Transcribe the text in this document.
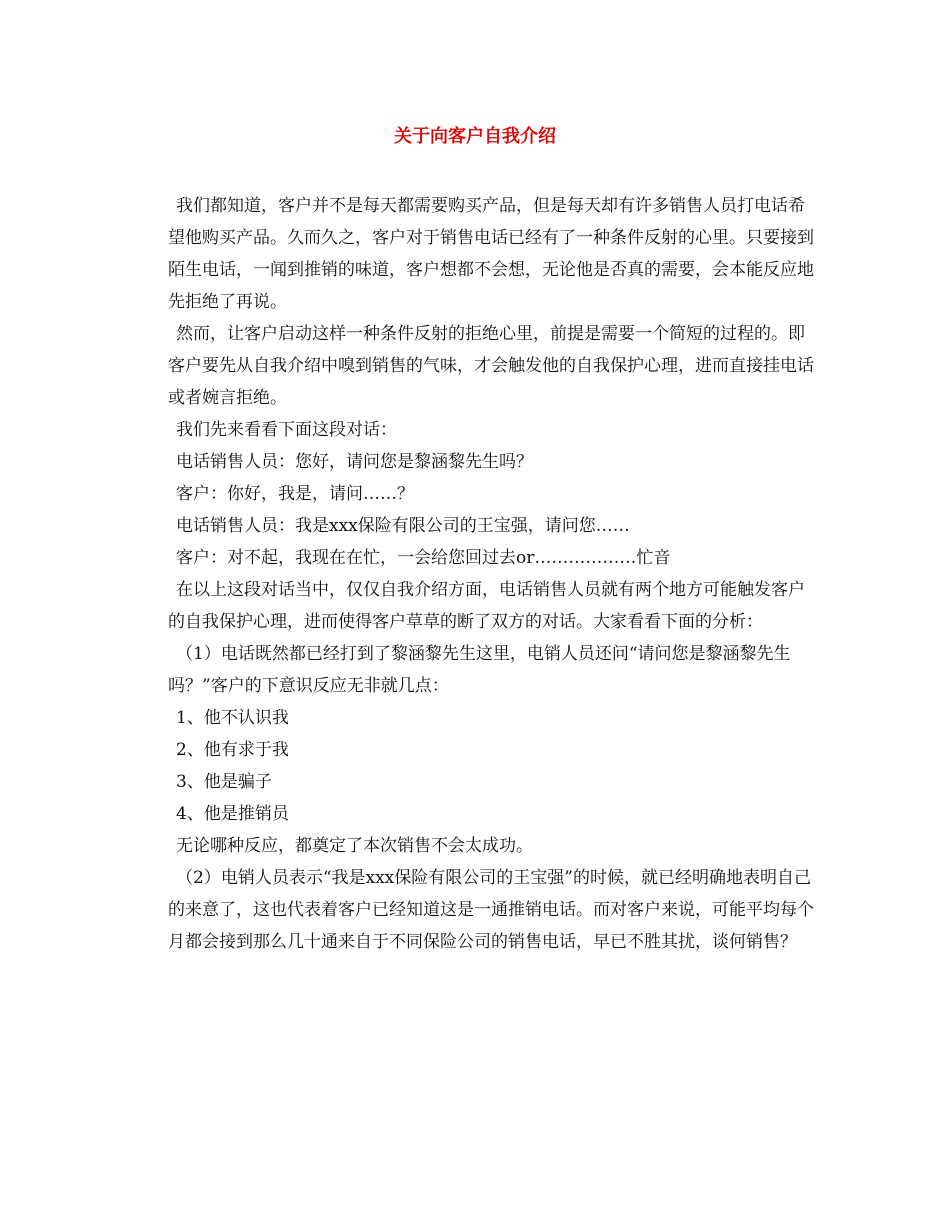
关于向客户自我介绍

我们都知道，客户并不是每天都需要购买产品，但是每天却有许多销售人员打电话希望他购买产品。久而久之，客户对于销售电话已经有了一种条件反射的心里。只要接到陌生电话，一闻到推销的味道，客户想都不会想，无论他是否真的需要，会本能反应地先拒绝了再说。

然而，让客户启动这样一种条件反射的拒绝心里，前提是需要一个简短的过程的。即客户要先从自我介绍中嗅到销售的气味，才会触发他的自我保护心理，进而直接挂电话或者婉言拒绝。

我们先来看看下面这段对话：

电话销售人员：您好，请问您是黎涵黎先生吗？

客户：你好，我是，请问……？

电话销售人员：我是xxx保险有限公司的王宝强，请问您……

客户：对不起，我现在在忙，一会给您回过去or………………忙音

在以上这段对话当中，仅仅自我介绍方面，电话销售人员就有两个地方可能触发客户的自我保护心理，进而使得客户草草的断了双方的对话。大家看看下面的分析：

（1）电话既然都已经打到了黎涵黎先生这里，电销人员还问“请问您是黎涵黎先生吗？”客户的下意识反应无非就几点：

1、他不认识我

2、他有求于我

3、他是骗子

4、他是推销员

无论哪种反应，都奠定了本次销售不会太成功。

（2）电销人员表示“我是xxx保险有限公司的王宝强”的时候，就已经明确地表明自己的来意了，这也代表着客户已经知道这是一通推销电话。而对客户来说，可能平均每个月都会接到那么几十通来自于不同保险公司的销售电话，早已不胜其扰，谈何销售？
